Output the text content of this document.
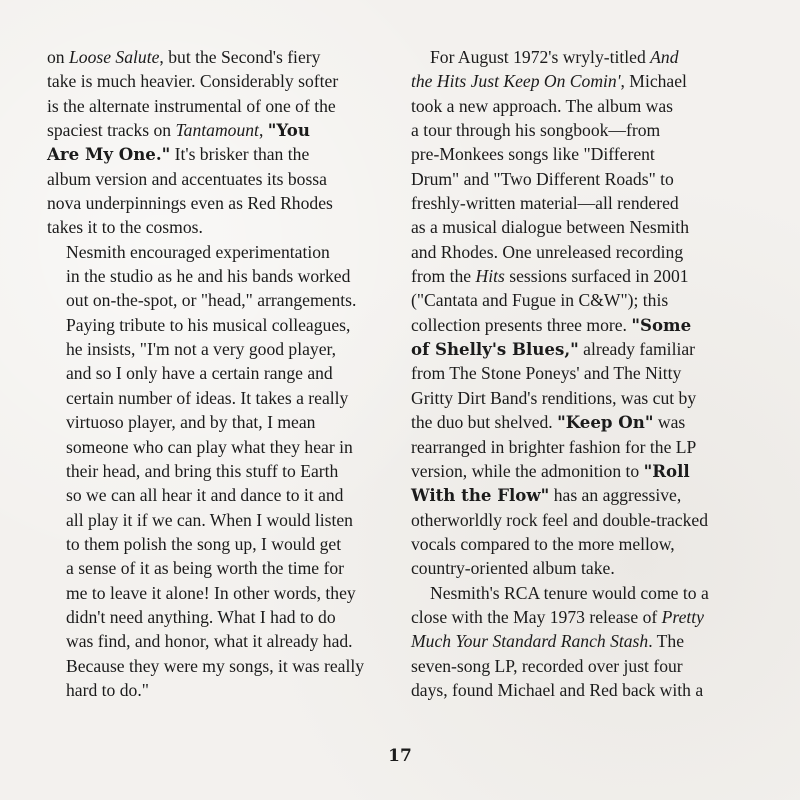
on Loose Salute, but the Second's fiery
take is much heavier. Considerably softer
is the alternate instrumental of one of the
spaciest tracks on Tantamount, "You
Are My One." It's brisker than the
album version and accentuates its bossa
nova underpinnings even as Red Rhodes
takes it to the cosmos.

Nesmith encouraged experimentation
in the studio as he and his bands worked
out on-the-spot, or "head," arrangements.
Paying tribute to his musical colleagues,
he insists, "I'm not a very good player,
and so I only have a certain range and
certain number of ideas. It takes a really
virtuoso player, and by that, I mean
someone who can play what they hear in
their head, and bring this stuff to Earth
so we can all hear it and dance to it and
all play it if we can. When I would listen
to them polish the song up, I would get
a sense of it as being worth the time for
me to leave it alone! In other words, they
didn't need anything. What I had to do
was find, and honor, what it already had.
Because they were my songs, it was really
hard to do."

For August 1972's wryly-titled And
the Hits Just Keep On Comin', Michael
took a new approach. The album was
a tour through his songbook—from
pre-Monkees songs like "Different
Drum" and "Two Different Roads" to
freshly-written material—all rendered
as a musical dialogue between Nesmith
and Rhodes. One unreleased recording
from the Hits sessions surfaced in 2001
("Cantata and Fugue in C&W"); this
collection presents three more. "Some
of Shelly's Blues," already familiar
from The Stone Poneys' and The Nitty
Gritty Dirt Band's renditions, was cut by
the duo but shelved. "Keep On" was
rearranged in brighter fashion for the LP
version, while the admonition to "Roll
With the Flow" has an aggressive,
otherworldly rock feel and double-tracked
vocals compared to the more mellow,
country-oriented album take.

Nesmith's RCA tenure would come to a
close with the May 1973 release of Pretty
Much Your Standard Ranch Stash. The
seven-song LP, recorded over just four
days, found Michael and Red back with a

17
